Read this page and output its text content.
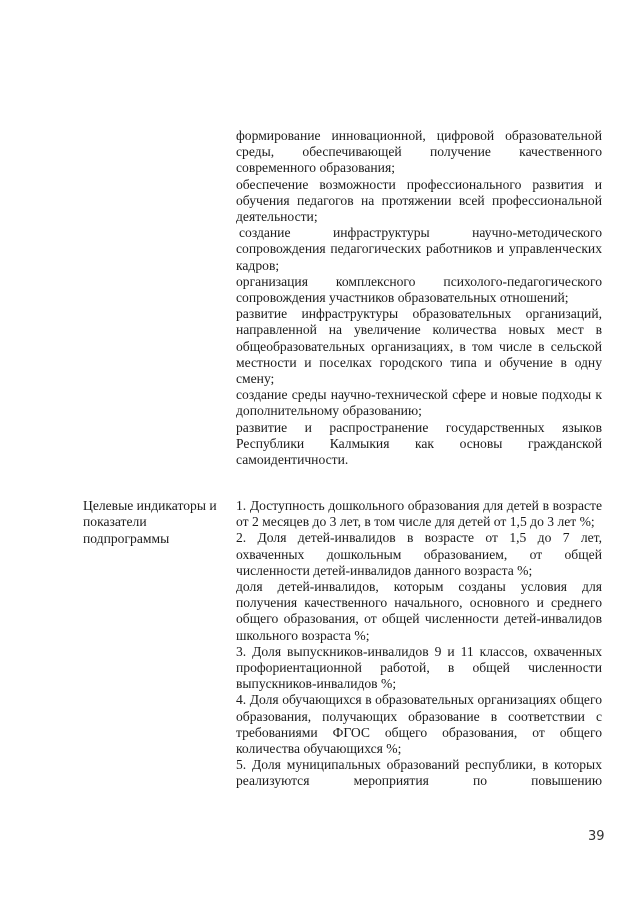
формирование инновационной, цифровой образовательной среды, обеспечивающей получение качественного современного образования;

обеспечение возможности профессионального развития и обучения педагогов на протяжении всей профессиональной деятельности;

создание инфраструктуры научно-методического сопровождения педагогических работников и управленческих кадров;

организация комплексного психолого-педагогического сопровождения участников образовательных отношений;

развитие инфраструктуры образовательных организаций, направленной на увеличение количества новых мест в общеобразовательных организациях, в том числе в сельской местности и поселках городского типа и обучение в одну смену;

создание среды научно-технической сфере и новые подходы к дополнительному образованию;

развитие и распространение государственных языков Республики Калмыкия как основы гражданской самоидентичности.

Целевые индикаторы и показатели подпрограммы

1. Доступность дошкольного образования для детей в возрасте от 2 месяцев до 3 лет, в том числе для детей от 1,5 до 3 лет %;

2. Доля детей-инвалидов в возрасте от 1,5 до 7 лет, охваченных дошкольным образованием, от общей численности детей-инвалидов данного возраста %;

доля детей-инвалидов, которым созданы условия для получения качественного начального, основного и среднего общего образования, от общей численности детей-инвалидов школьного возраста %;

3. Доля выпускников-инвалидов 9 и 11 классов, охваченных профориентационной работой, в общей численности выпускников-инвалидов %;

4. Доля обучающихся в образовательных организациях общего образования, получающих образование в соответствии с требованиями ФГОС общего образования, от общего количества обучающихся %;

5. Доля муниципальных образований республики, в которых реализуются мероприятия по повышению

39
